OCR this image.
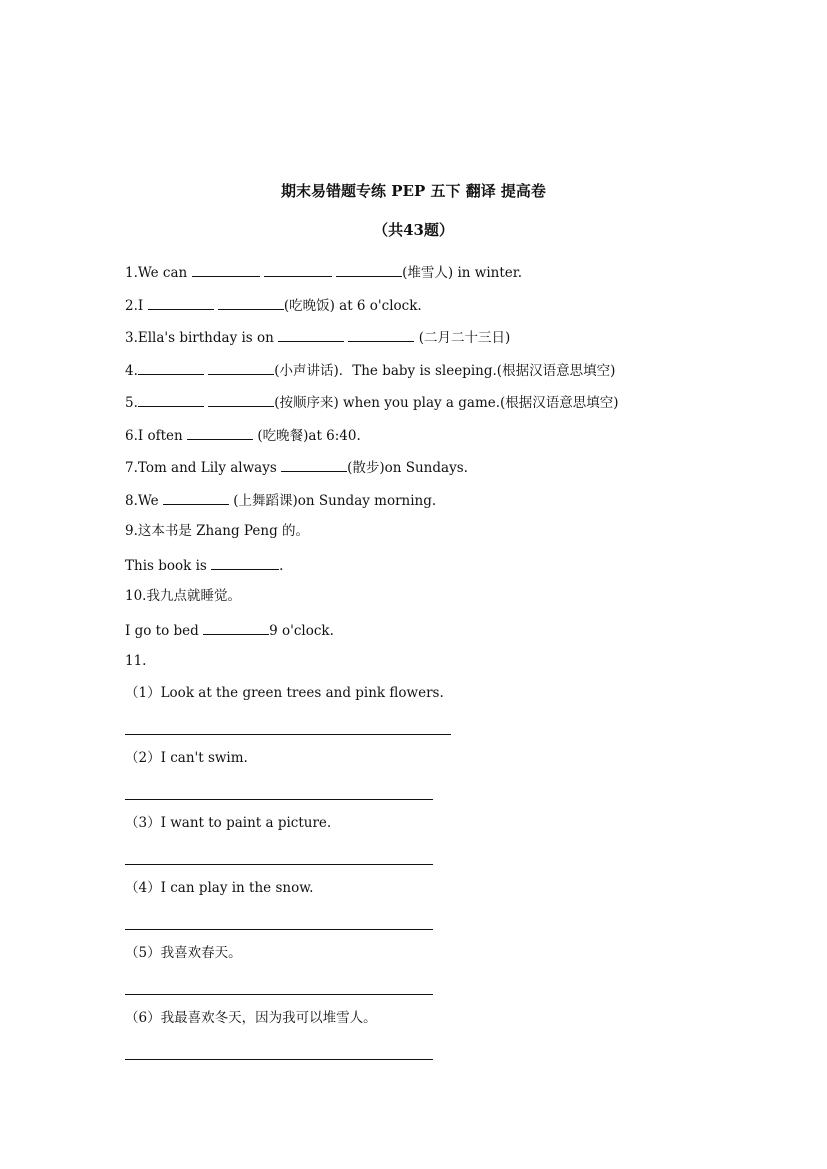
期末易错题专练 PEP 五下 翻译 提高卷
（共43题）
1.We can	(堆雪人) in winter.
2.I	(吃晚饭) at 6 o'clock.
3.Ella's birthday is on	(二月二十三日)
4.	(小声讲话)．The baby is sleeping.(根据汉语意思填空)
5.	(按顺序来) when you play a game.(根据汉语意思填空)
6.I often	(吃晚餐)at 6:40.
7.Tom and Lily always	(散步)on Sundays.
8.We	(上舞蹈课)on Sunday morning.
9.这本书是 Zhang Peng 的。
This book is	.
10.我九点就睡觉。
I go to bed	9 o'clock.
11.
（1）Look at the green trees and pink flowers.
（2）I can't swim.
（3）I want to paint a picture.
（4）I can play in the snow.
（5）我喜欢春天。
（6）我最喜欢冬天，因为我可以堆雪人。
